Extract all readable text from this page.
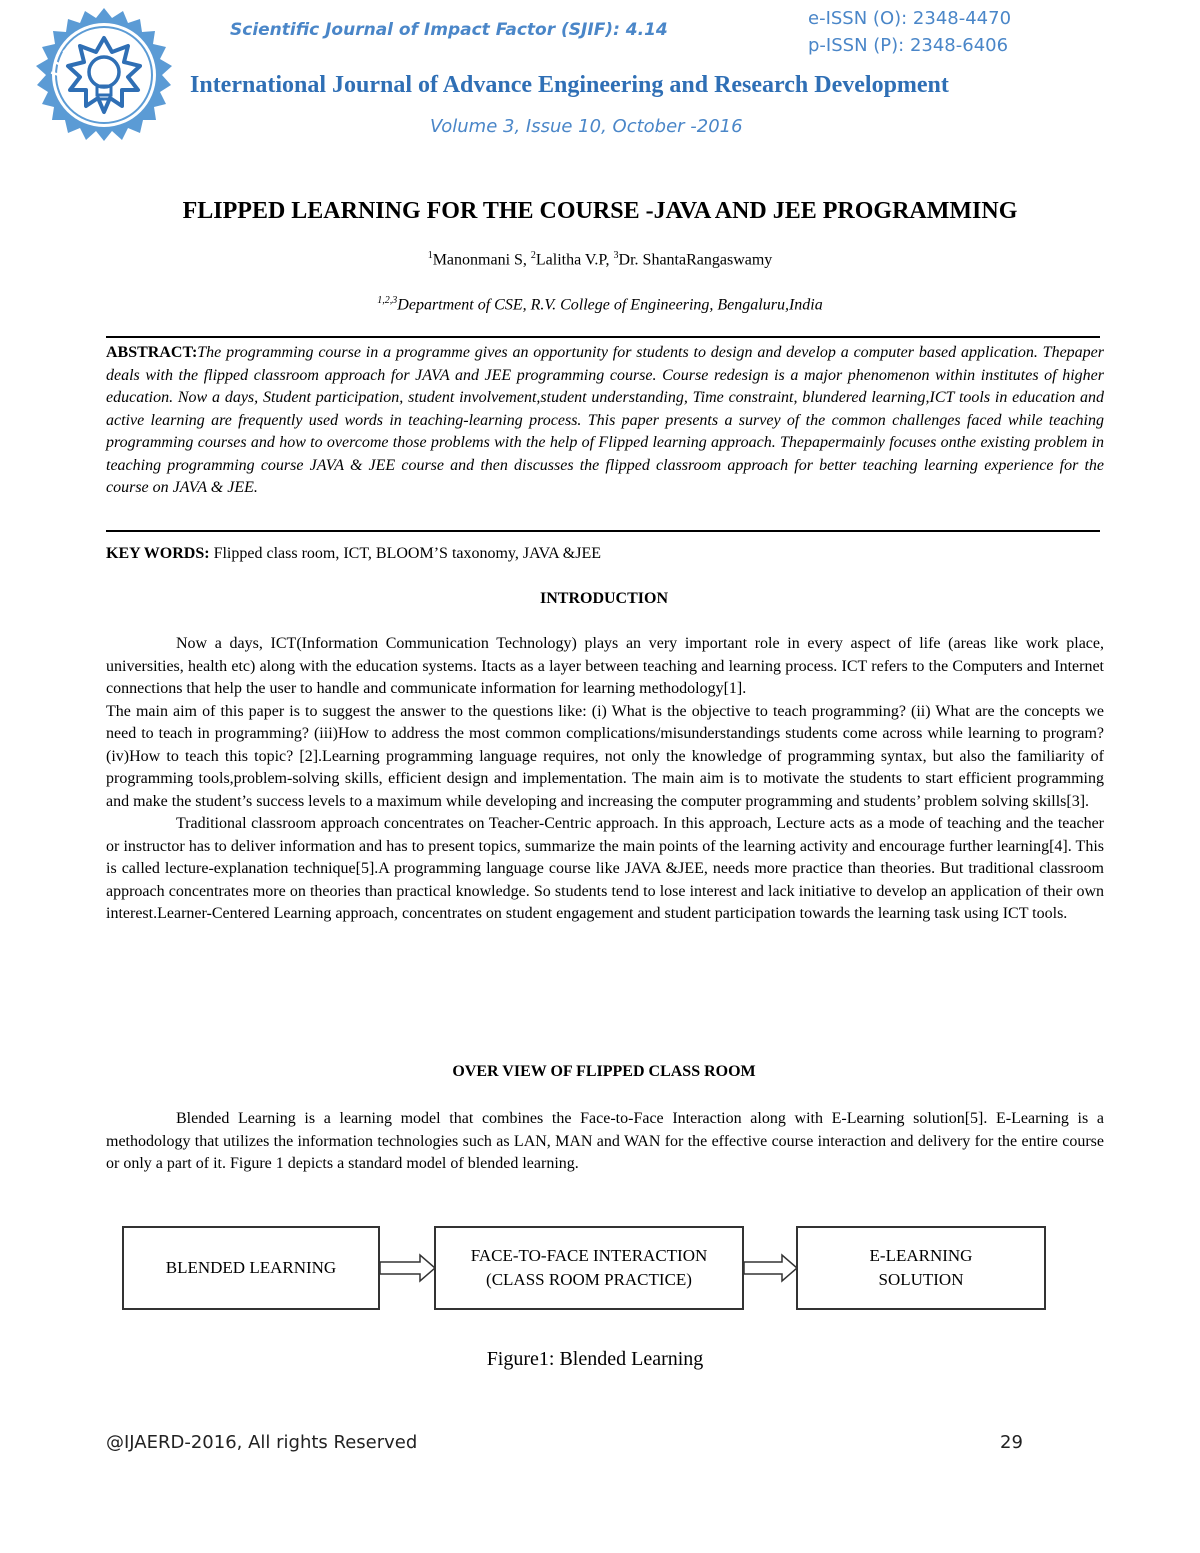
I J A E R D	Scientific Journal of Impact Factor (SJIF): 4.14
e-ISSN (O): 2348-4470
p-ISSN (P): 2348-6406
International Journal of Advance Engineering and Research Development
Volume 3, Issue 10, October -2016
FLIPPED LEARNING FOR THE COURSE -JAVA AND JEE PROGRAMMING
$^1$Manonmani S, $^2$Lalitha V.P, $^3$Dr. ShantaRangaswamy
$^{1,2,3}$Department of CSE, R.V. College of Engineering, Bengaluru,India
ABSTRACT:The programming course in a programme gives an opportunity for students to design and develop a computer based application. Thepaper deals with the flipped classroom approach for JAVA and JEE programming course. Course redesign is a major phenomenon within institutes of higher education. Now a days, Student participation, student involvement,student understanding, Time constraint, blundered learning,ICT tools in education and active learning are frequently used words in teaching-learning process. This paper presents a survey of the common challenges faced while teaching programming courses and how to overcome those problems with the help of Flipped learning approach. Thepapermainly focuses onthe existing problem in teaching programming course JAVA & JEE course and then discusses the flipped classroom approach for better teaching learning experience for the course on JAVA & JEE.
KEY WORDS: Flipped class room, ICT, BLOOM’S taxonomy, JAVA &JEE
INTRODUCTION

Now a days, ICT(Information Communication Technology) plays an very important role in every aspect of life (areas like work place, universities, health etc) along with the education systems. Itacts as a layer between teaching and learning process. ICT refers to the Computers and Internet connections that help the user to handle and communicate information for learning methodology[1].

The main aim of this paper is to suggest the answer to the questions like: (i) What is the objective to teach programming? (ii) What are the concepts we need to teach in programming? (iii)How to address the most common complications/misunderstandings students come across while learning to program? (iv)How to teach this topic? [2].Learning programming language requires, not only the knowledge of programming syntax, but also the familiarity of programming tools,problem-solving skills, efficient design and implementation. The main aim is to motivate the students to start efficient programming and make the student’s success levels to a maximum while developing and increasing the computer programming and students’ problem solving skills[3].

Traditional classroom approach concentrates on Teacher-Centric approach. In this approach, Lecture acts as a mode of teaching and the teacher or instructor has to deliver information and has to present topics, summarize the main points of the learning activity and encourage further learning[4]. This is called lecture-explanation technique[5].A programming language course like JAVA &JEE, needs more practice than theories. But traditional classroom approach concentrates more on theories than practical knowledge. So students tend to lose interest and lack initiative to develop an application of their own interest.Learner-Centered Learning approach, concentrates on student engagement and student participation towards the learning task using ICT tools.

OVER VIEW OF FLIPPED CLASS ROOM

Blended Learning is a learning model that combines the Face-to-Face Interaction along with E-Learning solution[5]. E-Learning is a methodology that utilizes the information technologies such as LAN, MAN and WAN for the effective course interaction and delivery for the entire course or only a part of it. Figure 1 depicts a standard model of blended learning.

BLENDED LEARNING
FACE-TO-FACE INTERACTION
(CLASS ROOM PRACTICE)
E-LEARNING
SOLUTION
Figure1: Blended Learning
@IJAERD-2016, All rights Reserved	29
